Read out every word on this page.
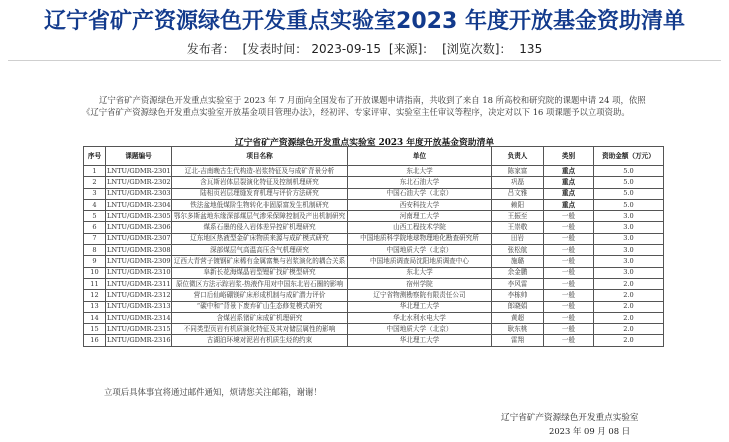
辽宁省矿产资源绿色开发重点实验室2023 年度开放基金资助清单
发布者： [发表时间： 2023-09-15 [来源]： [浏览次数]： 135
辽宁省矿产资源绿色开发重点实验室于 2023 年 7 月面向全国发布了开放课题申请指南，共收到了来自 18 所高校和研究院的课题申请 24 项，依照《辽宁省矿产资源绿色开发重点实验室开放基金项目管理办法》，经初评、专家评审、实验室主任审议等程序，决定对以下 16 项课题予以立项资助。
辽宁省矿产资源绿色开发重点实验室 2023 年度开放基金资助清单
序号	课题编号	项目名称	单位	负责人	类别	资助金额（万元）
1	LNTU/GDMR-2301	辽北-吉南晚古生代构造-岩浆特征及与成矿背景分析	东北大学	陈家富	重点	5.0
2	LNTU/GDMR-2302	含瓦斯岩体层裂演化特征及控制机理研究	东北石油大学	巩磊	重点	5.0
3	LNTU/GDMR-2303	陆相页岩层理缝发育机理与评价方法研究	中国石油大学（北京）	吕文雅	重点	5.0
4	LNTU/GDMR-2304	铁法盆地低煤阶生物转化非固原富发生机制研究	西安科技大学	赖阳	重点	5.0
5	LNTU/GDMR-2305	鄂尔多斯盆地东缘深部煤层气渗采保障控制及产出机制研究	河南理工大学	王振至	一般	3.0
6	LNTU/GDMR-2306	煤系石墨的侵入岩体差异控矿机理研究	山西工程技术学院	王崇敬	一般	3.0
7	LNTU/GDMR-2307	辽东地区热液型金矿床物质来源与成矿模式研究	中国地质科学院地球物理地化勘查研究所	田岩	一般	3.0
8	LNTU/GDMR-2308	深部煤层气高温高压含气机理研究	中国地质大学（北京）	张松航	一般	3.0
9	LNTU/GDMR-2309	辽西大青营子镀钢矿床稀有金属富集与岩浆演化的耦合关系	中国地质调查局沈阳地质调查中心	施璐	一般	3.0
10	LNTU/GDMR-2310	阜新长花海煤晶岩型锂矿找矿模型研究	东北大学	余金鹏	一般	3.0
11	LNTU/GDMR-2311	原位微区方法示踪岩浆-热液作用对中国东北岩石圈的影响	宿州学院	李风雷	一般	2.0
12	LNTU/GDMR-2312	营口后仙峪硼镁矿床形成机制与成矿潜力评价	辽宁省物测勘察院有限责任公司	李栋帅	一般	2.0
13	LNTU/GDMR-2313	“碳中和”背景下废弃矿山生态修复模式研究	华北理工大学	郎晓娟	一般	2.0
14	LNTU/GDMR-2314	含煤岩系锗矿床成矿机理研究	华北水利水电大学	黄超	一般	2.0
15	LNTU/GDMR-2315	不同类型页岩有机质演化特征及其对储层属性的影响	中国地质大学（北京）	耿东桃	一般	2.0
16	LNTU/GDMR-2316	古湖泊环境对泥岩有机质生烃的约束	华北理工大学	雷翔	一般	2.0
立项后具体事宜将通过邮件通知，烦请您关注邮箱，谢谢！
辽宁省矿产资源绿色开发重点实验室
2023 年 09 月 08 日
